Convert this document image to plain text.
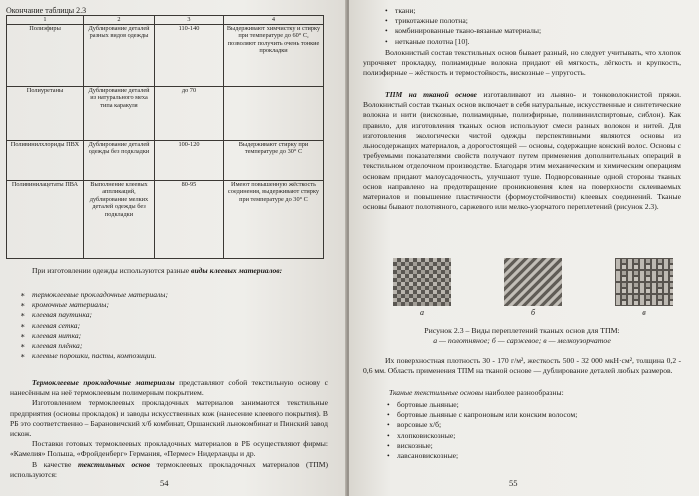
Окончание таблицы 2.3
1	2	3	4
Полиэфиры	Дублирование деталей разных видов одежды	110-140	Выдерживают химчистку и стирку при температуре до 60° С, позволяют получить очень тонкие прокладки
Полиуретаны	Дублирование деталей из натурального меха типа каракуля	до 70	
Поливинилхлориды ПВХ	Дублирование деталей одежды без подкладки	100-120	Выдерживают стирку при температуре до 30° С
Поливинилацетаты ПВА	Выполнение клеевых аппликаций, дублирование мелких деталей одежды без подкладки	80-95	Имеют повышенную жёсткость соединения, выдерживают стирку при температуре до 30° С
При изготовлении одежды используются разные виды клеевых материалов:
∗ термоклеевые прокладочные материалы;
∗ кромочные материалы;
∗ клеевая паутинка;
∗ клеевая сетка;
∗ клеевая нитка;
∗ клеевая плёнка;
∗ клеевые порошки, пасты, композиции.
Термоклеевые прокладочные материалы представляют собой текстильную основу с нанесённым на неё термоклеевым полимерным покрытием.
Изготовлением термоклеевых прокладочных материалов занимаются текстильные предприятия (основы прокладок) и заводы искусственных кож (нанесение клеевого покрытия). В РБ это соответственно – Барановичский х/б комбинат, Оршанский льнокомбинат и Пинский завод искож.
Поставки готовых термоклеевых прокладочных материалов в РБ осуществляют фирмы: «Камелия» Польша, «Фройденберг» Германия, «Пермес» Нидерланды и др.
В качестве текстильных основ термоклеевых прокладочных материалов (ТПМ) используются:
54
• ткани;
• трикотажные полотна;
• комбинированные ткано-вязаные материалы;
• нетканые полотна [10].
Волокнистый состав текстильных основ бывает разный, но следует учитывать, что хлопок упрочняет прокладку, полиамидные волокна придают ей мягкость, лёгкость и крупкость, полиэфирные – жёсткость и термостойкость, вискозные – упругость.
ТПМ на тканой основе изготавливают из льняно- и тонковолокнистой пряжи. Волокнистый состав тканых основ включает в себя натуральные, искусственные и синтетические волокна и нити (вискозные, полиамидные, полиэфирные, поливинилспиртовые, сиблон). Как правило, для изготовления тканых основ используют смеси разных волокон и нитей. Для изготовления экологически чистой одежды перспективными являются основы из льносодержащих материалов, а дорогостоящей — основы, содержащие конский волос. Основы с требуемыми показателями свойств получают путем применения дополнительных операций в текстильном отделочном производстве. Благодаря этим механическим и химическим операциям основам придают малоусадочность, улучшают туше. Подворсованные одной стороны тканых основ направлено на предотвращение проникновения клея на поверхности склеиваемых материалов и повышение пластичности (формоустойчивости) клеевых соединений. Тканые основы бывают полотняного, саржевого или мелко-узорчатого переплетений (рисунок 2.3).
а	б	в
Рисунок 2.3 – Виды переплетений тканых основ для ТПМ:
а — полотняное; б — саржевое; в — мелкоузорчатое
Их поверхностная плотность 30 - 170 г/м², жесткость 500 - 32 000 мкН·см², толщина 0,2 - 0,6 мм. Область применения ТПМ на тканой основе — дублирование деталей любых размеров.
Тканые текстильные основы наиболее разнообразны:
• бортовые льняные;
• бортовые льняные с капроновым или конским волосом;
• ворсовые х/б;
• хлопковискозные;
• вискозные;
• лавсановискозные;
55
